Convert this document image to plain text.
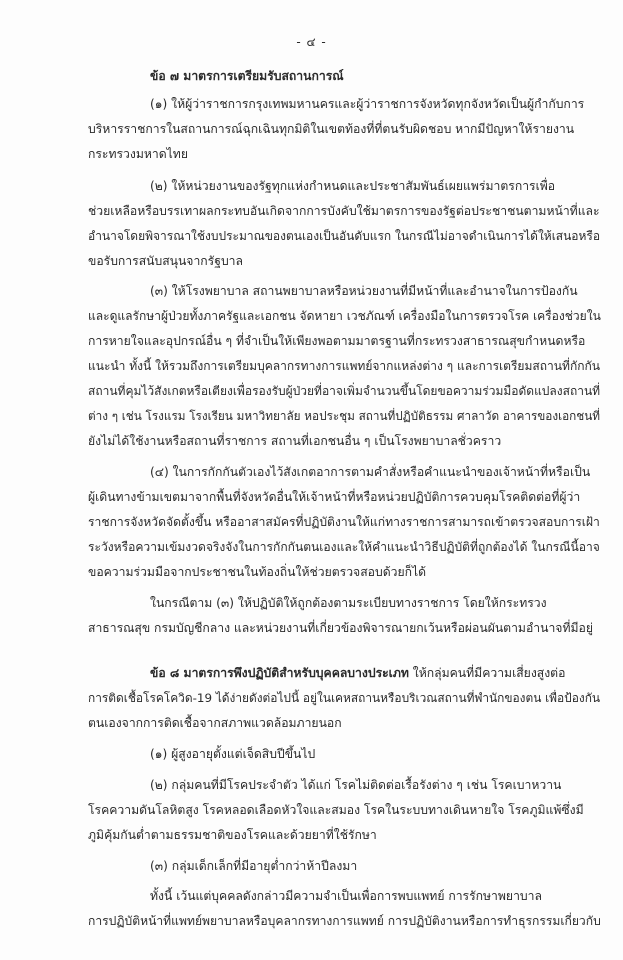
- ๔ -
ข้อ ๗ มาตรการเตรียมรับสถานการณ์
(๑) ให้ผู้ว่าราชการกรุงเทพมหานครและผู้ว่าราชการจังหวัดทุกจังหวัดเป็นผู้กำกับการ
บริหารราชการในสถานการณ์ฉุกเฉินทุกมิติในเขตท้องที่ที่ตนรับผิดชอบ หากมีปัญหาให้รายงาน
กระทรวงมหาดไทย
(๒) ให้หน่วยงานของรัฐทุกแห่งกำหนดและประชาสัมพันธ์เผยแพร่มาตรการเพื่อ
ช่วยเหลือหรือบรรเทาผลกระทบอันเกิดจากการบังคับใช้มาตรการของรัฐต่อประชาชนตามหน้าที่และ
อำนาจโดยพิจารณาใช้งบประมาณของตนเองเป็นอันดับแรก ในกรณีไม่อาจดำเนินการได้ให้เสนอหรือ
ขอรับการสนับสนุนจากรัฐบาล
(๓) ให้โรงพยาบาล สถานพยาบาลหรือหน่วยงานที่มีหน้าที่และอำนาจในการป้องกัน
และดูแลรักษาผู้ป่วยทั้งภาครัฐและเอกชน จัดหายา เวชภัณฑ์ เครื่องมือในการตรวจโรค เครื่องช่วยใน
การหายใจและอุปกรณ์อื่น ๆ ที่จำเป็นให้เพียงพอตามมาตรฐานที่กระทรวงสาธารณสุขกำหนดหรือ
แนะนำ ทั้งนี้ ให้รวมถึงการเตรียมบุคลากรทางการแพทย์จากแหล่งต่าง ๆ และการเตรียมสถานที่กักกัน
สถานที่คุมไว้สังเกตหรือเตียงเพื่อรองรับผู้ป่วยที่อาจเพิ่มจำนวนขึ้นโดยขอความร่วมมือดัดแปลงสถานที่
ต่าง ๆ เช่น โรงแรม โรงเรียน มหาวิทยาลัย หอประชุม สถานที่ปฏิบัติธรรม ศาลาวัด อาคารของเอกชนที่
ยังไม่ได้ใช้งานหรือสถานที่ราชการ สถานที่เอกชนอื่น ๆ เป็นโรงพยาบาลชั่วคราว
(๔) ในการกักกันตัวเองไว้สังเกตอาการตามคำสั่งหรือคำแนะนำของเจ้าหน้าที่หรือเป็น
ผู้เดินทางข้ามเขตมาจากพื้นที่จังหวัดอื่นให้เจ้าหน้าที่หรือหน่วยปฏิบัติการควบคุมโรคติดต่อที่ผู้ว่า
ราชการจังหวัดจัดตั้งขึ้น หรืออาสาสมัครที่ปฏิบัติงานให้แก่ทางราชการสามารถเข้าตรวจสอบการเฝ้า
ระวังหรือความเข้มงวดจริงจังในการกักกันตนเองและให้คำแนะนำวิธีปฏิบัติที่ถูกต้องได้ ในกรณีนี้อาจ
ขอความร่วมมือจากประชาชนในท้องถิ่นให้ช่วยตรวจสอบด้วยก็ได้
ในกรณีตาม (๓) ให้ปฏิบัติให้ถูกต้องตามระเบียบทางราชการ โดยให้กระทรวง
สาธารณสุข กรมบัญชีกลาง และหน่วยงานที่เกี่ยวข้องพิจารณายกเว้นหรือผ่อนผันตามอำนาจที่มีอยู่
ข้อ ๘ มาตรการพึงปฏิบัติสำหรับบุคคลบางประเภท ให้กลุ่มคนที่มีความเสี่ยงสูงต่อ
การติดเชื้อโรคโควิด-19 ได้ง่ายดังต่อไปนี้ อยู่ในเคหสถานหรือบริเวณสถานที่พำนักของตน เพื่อป้องกัน
ตนเองจากการติดเชื้อจากสภาพแวดล้อมภายนอก
(๑) ผู้สูงอายุตั้งแต่เจ็ดสิบปีขึ้นไป
(๒) กลุ่มคนที่มีโรคประจำตัว ได้แก่ โรคไม่ติดต่อเรื้อรังต่าง ๆ เช่น โรคเบาหวาน
โรคความดันโลหิตสูง โรคหลอดเลือดหัวใจและสมอง โรคในระบบทางเดินหายใจ โรคภูมิแพ้ซึ่งมี
ภูมิคุ้มกันต่ำตามธรรมชาติของโรคและด้วยยาที่ใช้รักษา
(๓) กลุ่มเด็กเล็กที่มีอายุต่ำกว่าห้าปีลงมา
ทั้งนี้ เว้นแต่บุคคลดังกล่าวมีความจำเป็นเพื่อการพบแพทย์ การรักษาพยาบาล
การปฏิบัติหน้าที่แพทย์พยาบาลหรือบุคลากรทางการแพทย์ การปฏิบัติงานหรือการทำธุรกรรมเกี่ยวกับ
